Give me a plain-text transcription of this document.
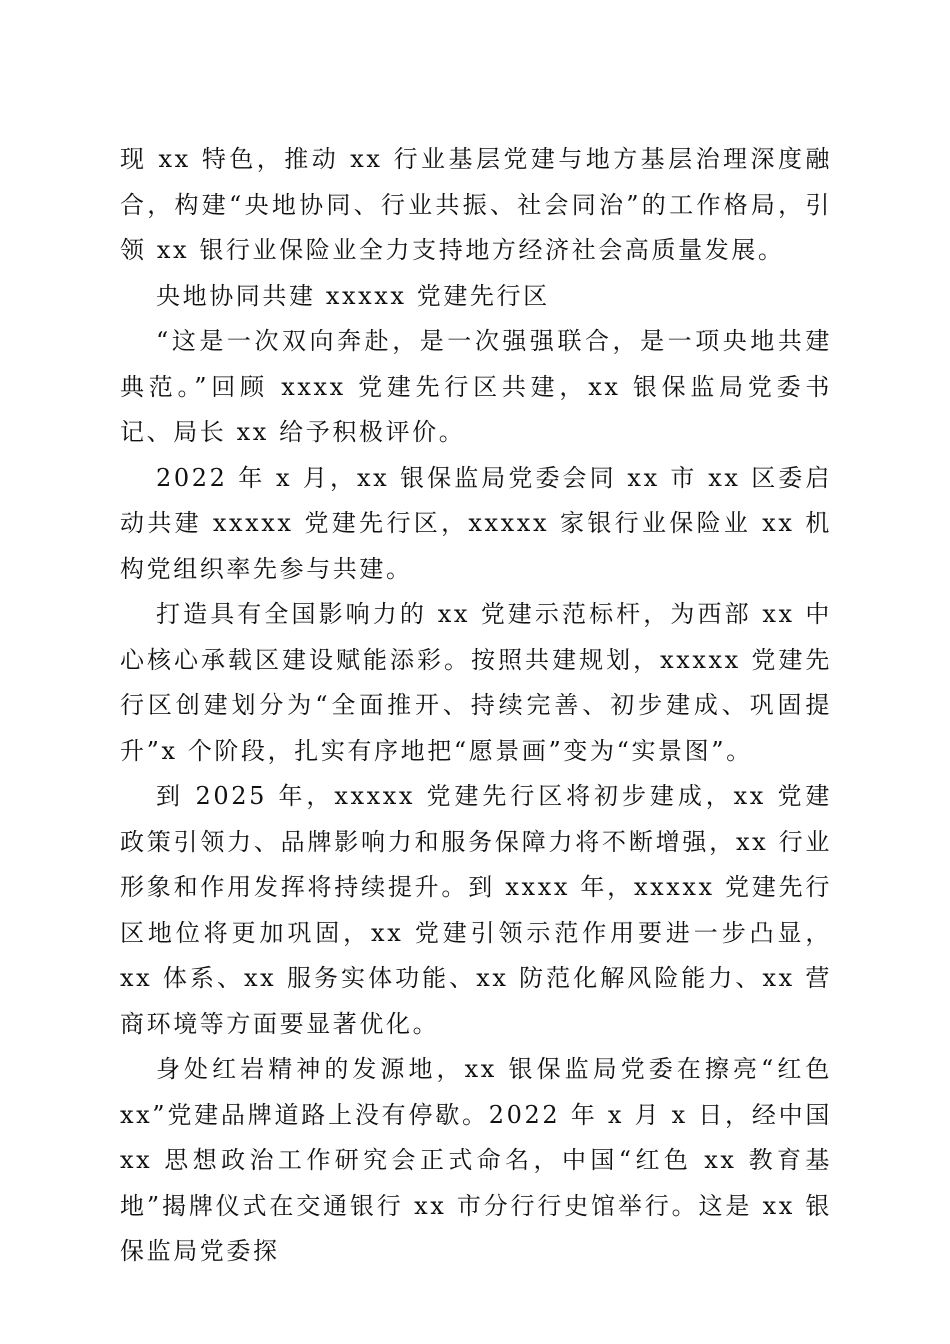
现 xx 特色，推动 xx 行业基层党建与地方基层治理深度融合，构建“央地协同、行业共振、社会同治”的工作格局，引领 xx 银行业保险业全力支持地方经济社会高质量发展。

央地协同共建 xxxxx 党建先行区

“这是一次双向奔赴，是一次强强联合，是一项央地共建典范。”回顾 xxxx 党建先行区共建，xx 银保监局党委书记、局长 xx 给予积极评价。

2022 年 x 月，xx 银保监局党委会同 xx 市 xx 区委启动共建 xxxxx 党建先行区，xxxxx 家银行业保险业 xx 机构党组织率先参与共建。

打造具有全国影响力的 xx 党建示范标杆，为西部 xx 中心核心承载区建设赋能添彩。按照共建规划，xxxxx 党建先行区创建划分为“全面推开、持续完善、初步建成、巩固提升”x 个阶段，扎实有序地把“愿景画”变为“实景图”。

到 2025 年，xxxxx 党建先行区将初步建成，xx 党建政策引领力、品牌影响力和服务保障力将不断增强，xx 行业形象和作用发挥将持续提升。到 xxxx 年，xxxxx 党建先行区地位将更加巩固，xx 党建引领示范作用要进一步凸显，xx 体系、xx 服务实体功能、xx 防范化解风险能力、xx 营商环境等方面要显著优化。

身处红岩精神的发源地，xx 银保监局党委在擦亮“红色 xx”党建品牌道路上没有停歇。2022 年 x 月 x 日，经中国 xx 思想政治工作研究会正式命名，中国“红色 xx 教育基地”揭牌仪式在交通银行 xx 市分行行史馆举行。这是 xx 银保监局党委探
